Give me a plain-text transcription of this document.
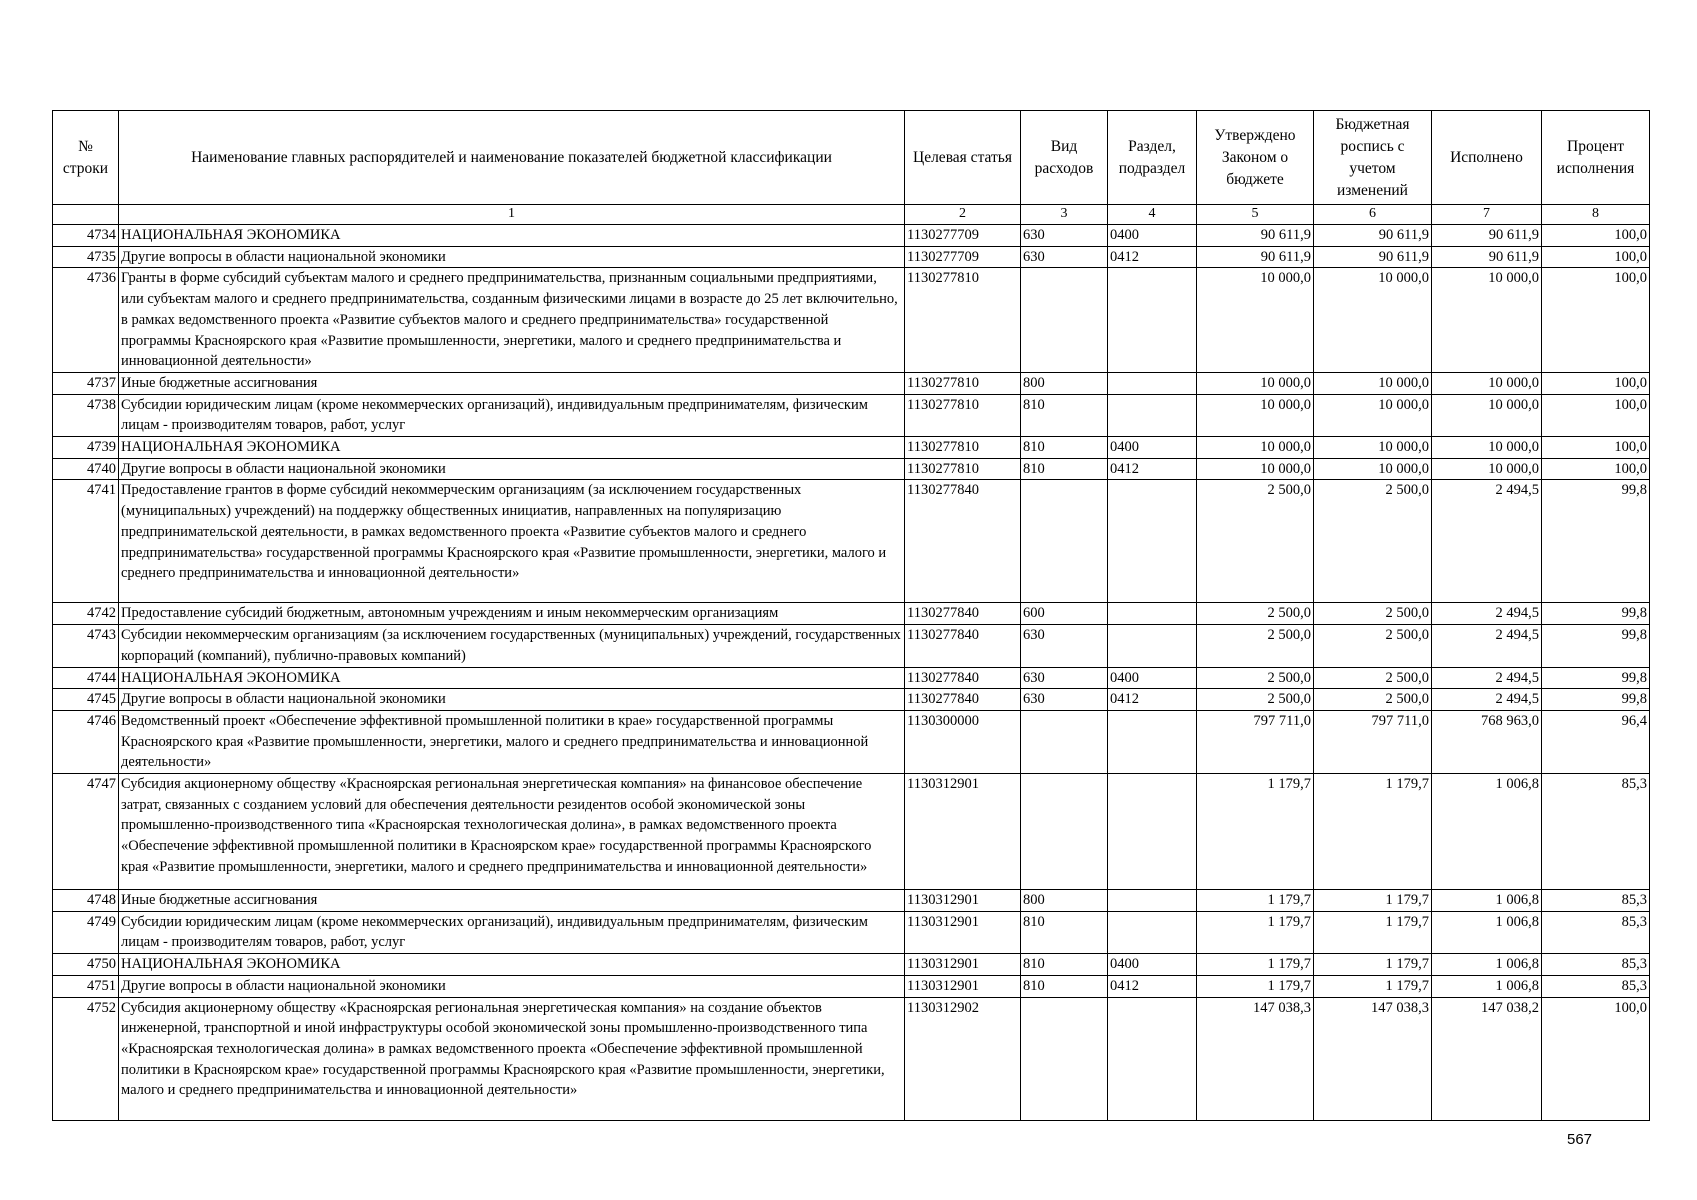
№ строки	Наименование главных распорядителей и наименование показателей бюджетной классификации	Целевая статья	Вид расходов	Раздел, подраздел	Утверждено Законом о бюджете	Бюджетная роспись с учетом изменений	Исполнено	Процент исполнения
	1	2	3	4	5	6	7	8
4734	НАЦИОНАЛЬНАЯ ЭКОНОМИКА	1130277709	630	0400	90 611,9	90 611,9	90 611,9	100,0
4735	Другие вопросы в области национальной экономики	1130277709	630	0412	90 611,9	90 611,9	90 611,9	100,0
4736	Гранты в форме субсидий субъектам малого и среднего предпринимательства, признанным социальными предприятиями, или субъектам малого и среднего предпринимательства, созданным физическими лицами в возрасте до 25 лет включительно, в рамках ведомственного проекта «Развитие субъектов малого и среднего предпринимательства» государственной программы Красноярского края «Развитие промышленности, энергетики, малого и среднего предпринимательства и инновационной деятельности»	1130277810			10 000,0	10 000,0	10 000,0	100,0
4737	Иные бюджетные ассигнования	1130277810	800		10 000,0	10 000,0	10 000,0	100,0
4738	Субсидии юридическим лицам (кроме некоммерческих организаций), индивидуальным предпринимателям, физическим лицам - производителям товаров, работ, услуг	1130277810	810		10 000,0	10 000,0	10 000,0	100,0
4739	НАЦИОНАЛЬНАЯ ЭКОНОМИКА	1130277810	810	0400	10 000,0	10 000,0	10 000,0	100,0
4740	Другие вопросы в области национальной экономики	1130277810	810	0412	10 000,0	10 000,0	10 000,0	100,0
4741	Предоставление грантов в форме субсидий некоммерческим организациям (за исключением государственных (муниципальных) учреждений) на поддержку общественных инициатив, направленных на популяризацию предпринимательской деятельности, в рамках ведомственного проекта «Развитие субъектов малого и среднего предпринимательства» государственной программы Красноярского края «Развитие промышленности, энергетики, малого и среднего предпринимательства и инновационной деятельности»	1130277840			2 500,0	2 500,0	2 494,5	99,8
4742	Предоставление субсидий бюджетным, автономным учреждениям и иным некоммерческим организациям	1130277840	600		2 500,0	2 500,0	2 494,5	99,8
4743	Субсидии некоммерческим организациям (за исключением государственных (муниципальных) учреждений, государственных корпораций (компаний), публично-правовых компаний)	1130277840	630		2 500,0	2 500,0	2 494,5	99,8
4744	НАЦИОНАЛЬНАЯ ЭКОНОМИКА	1130277840	630	0400	2 500,0	2 500,0	2 494,5	99,8
4745	Другие вопросы в области национальной экономики	1130277840	630	0412	2 500,0	2 500,0	2 494,5	99,8
4746	Ведомственный проект «Обеспечение эффективной промышленной политики в крае» государственной программы Красноярского края «Развитие промышленности, энергетики, малого и среднего предпринимательства и инновационной деятельности»	1130300000			797 711,0	797 711,0	768 963,0	96,4
4747	Субсидия акционерному обществу «Красноярская региональная энергетическая компания» на финансовое обеспечение затрат, связанных с созданием условий для обеспечения деятельности резидентов особой экономической зоны промышленно-производственного типа «Красноярская технологическая долина», в рамках ведомственного проекта «Обеспечение эффективной промышленной политики в Красноярском крае» государственной программы Красноярского края «Развитие промышленности, энергетики, малого и среднего предпринимательства и инновационной деятельности»	1130312901			1 179,7	1 179,7	1 006,8	85,3
4748	Иные бюджетные ассигнования	1130312901	800		1 179,7	1 179,7	1 006,8	85,3
4749	Субсидии юридическим лицам (кроме некоммерческих организаций), индивидуальным предпринимателям, физическим лицам - производителям товаров, работ, услуг	1130312901	810		1 179,7	1 179,7	1 006,8	85,3
4750	НАЦИОНАЛЬНАЯ ЭКОНОМИКА	1130312901	810	0400	1 179,7	1 179,7	1 006,8	85,3
4751	Другие вопросы в области национальной экономики	1130312901	810	0412	1 179,7	1 179,7	1 006,8	85,3
4752	Субсидия акционерному обществу «Красноярская региональная энергетическая компания» на создание объектов инженерной, транспортной и иной инфраструктуры особой экономической зоны промышленно-производственного типа «Красноярская технологическая долина» в рамках ведомственного проекта «Обеспечение эффективной промышленной политики в Красноярском крае» государственной программы Красноярского края «Развитие промышленности, энергетики, малого и среднего предпринимательства и инновационной деятельности»	1130312902			147 038,3	147 038,3	147 038,2	100,0
567
